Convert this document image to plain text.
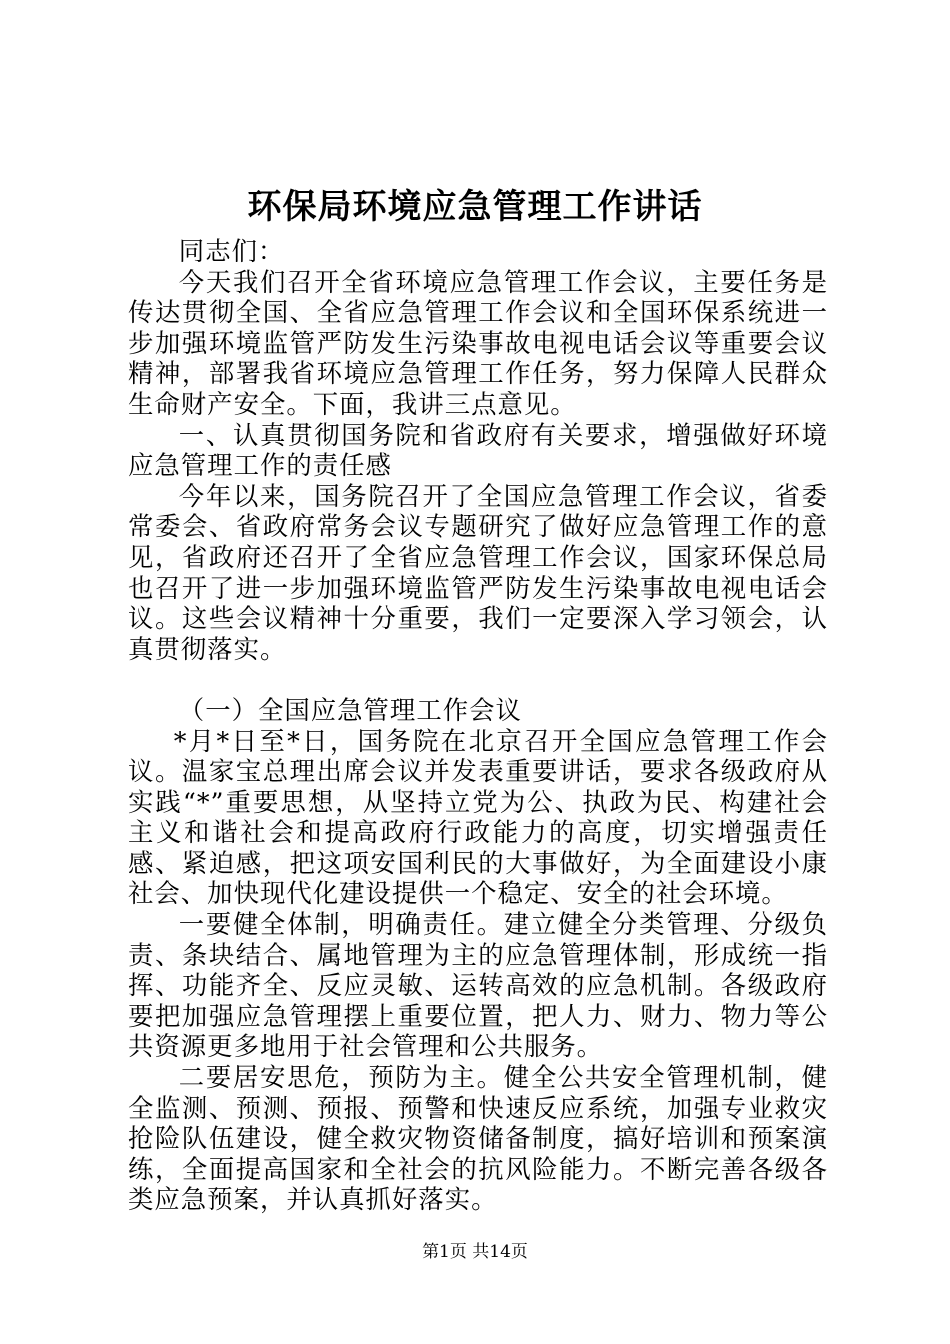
环保局环境应急管理工作讲话

同志们：

今天我们召开全省环境应急管理工作会议，主要任务是传达贯彻全国、全省应急管理工作会议和全国环保系统进一步加强环境监管严防发生污染事故电视电话会议等重要会议精神，部署我省环境应急管理工作任务，努力保障人民群众生命财产安全。下面，我讲三点意见。

一、认真贯彻国务院和省政府有关要求，增强做好环境应急管理工作的责任感

今年以来，国务院召开了全国应急管理工作会议，省委常委会、省政府常务会议专题研究了做好应急管理工作的意见，省政府还召开了全省应急管理工作会议，国家环保总局也召开了进一步加强环境监管严防发生污染事故电视电话会议。这些会议精神十分重要，我们一定要深入学习领会，认真贯彻落实。

（一）全国应急管理工作会议

*月*日至*日，国务院在北京召开全国应急管理工作会议。温家宝总理出席会议并发表重要讲话，要求各级政府从实践“*”重要思想，从坚持立党为公、执政为民、构建社会主义和谐社会和提高政府行政能力的高度，切实增强责任感、紧迫感，把这项安国利民的大事做好，为全面建设小康社会、加快现代化建设提供一个稳定、安全的社会环境。

一要健全体制，明确责任。建立健全分类管理、分级负责、条块结合、属地管理为主的应急管理体制，形成统一指挥、功能齐全、反应灵敏、运转高效的应急机制。各级政府要把加强应急管理摆上重要位置，把人力、财力、物力等公共资源更多地用于社会管理和公共服务。

二要居安思危，预防为主。健全公共安全管理机制，健全监测、预测、预报、预警和快速反应系统，加强专业救灾抢险队伍建设，健全救灾物资储备制度，搞好培训和预案演练，全面提高国家和全社会的抗风险能力。不断完善各级各类应急预案，并认真抓好落实。

第1页 共14页
